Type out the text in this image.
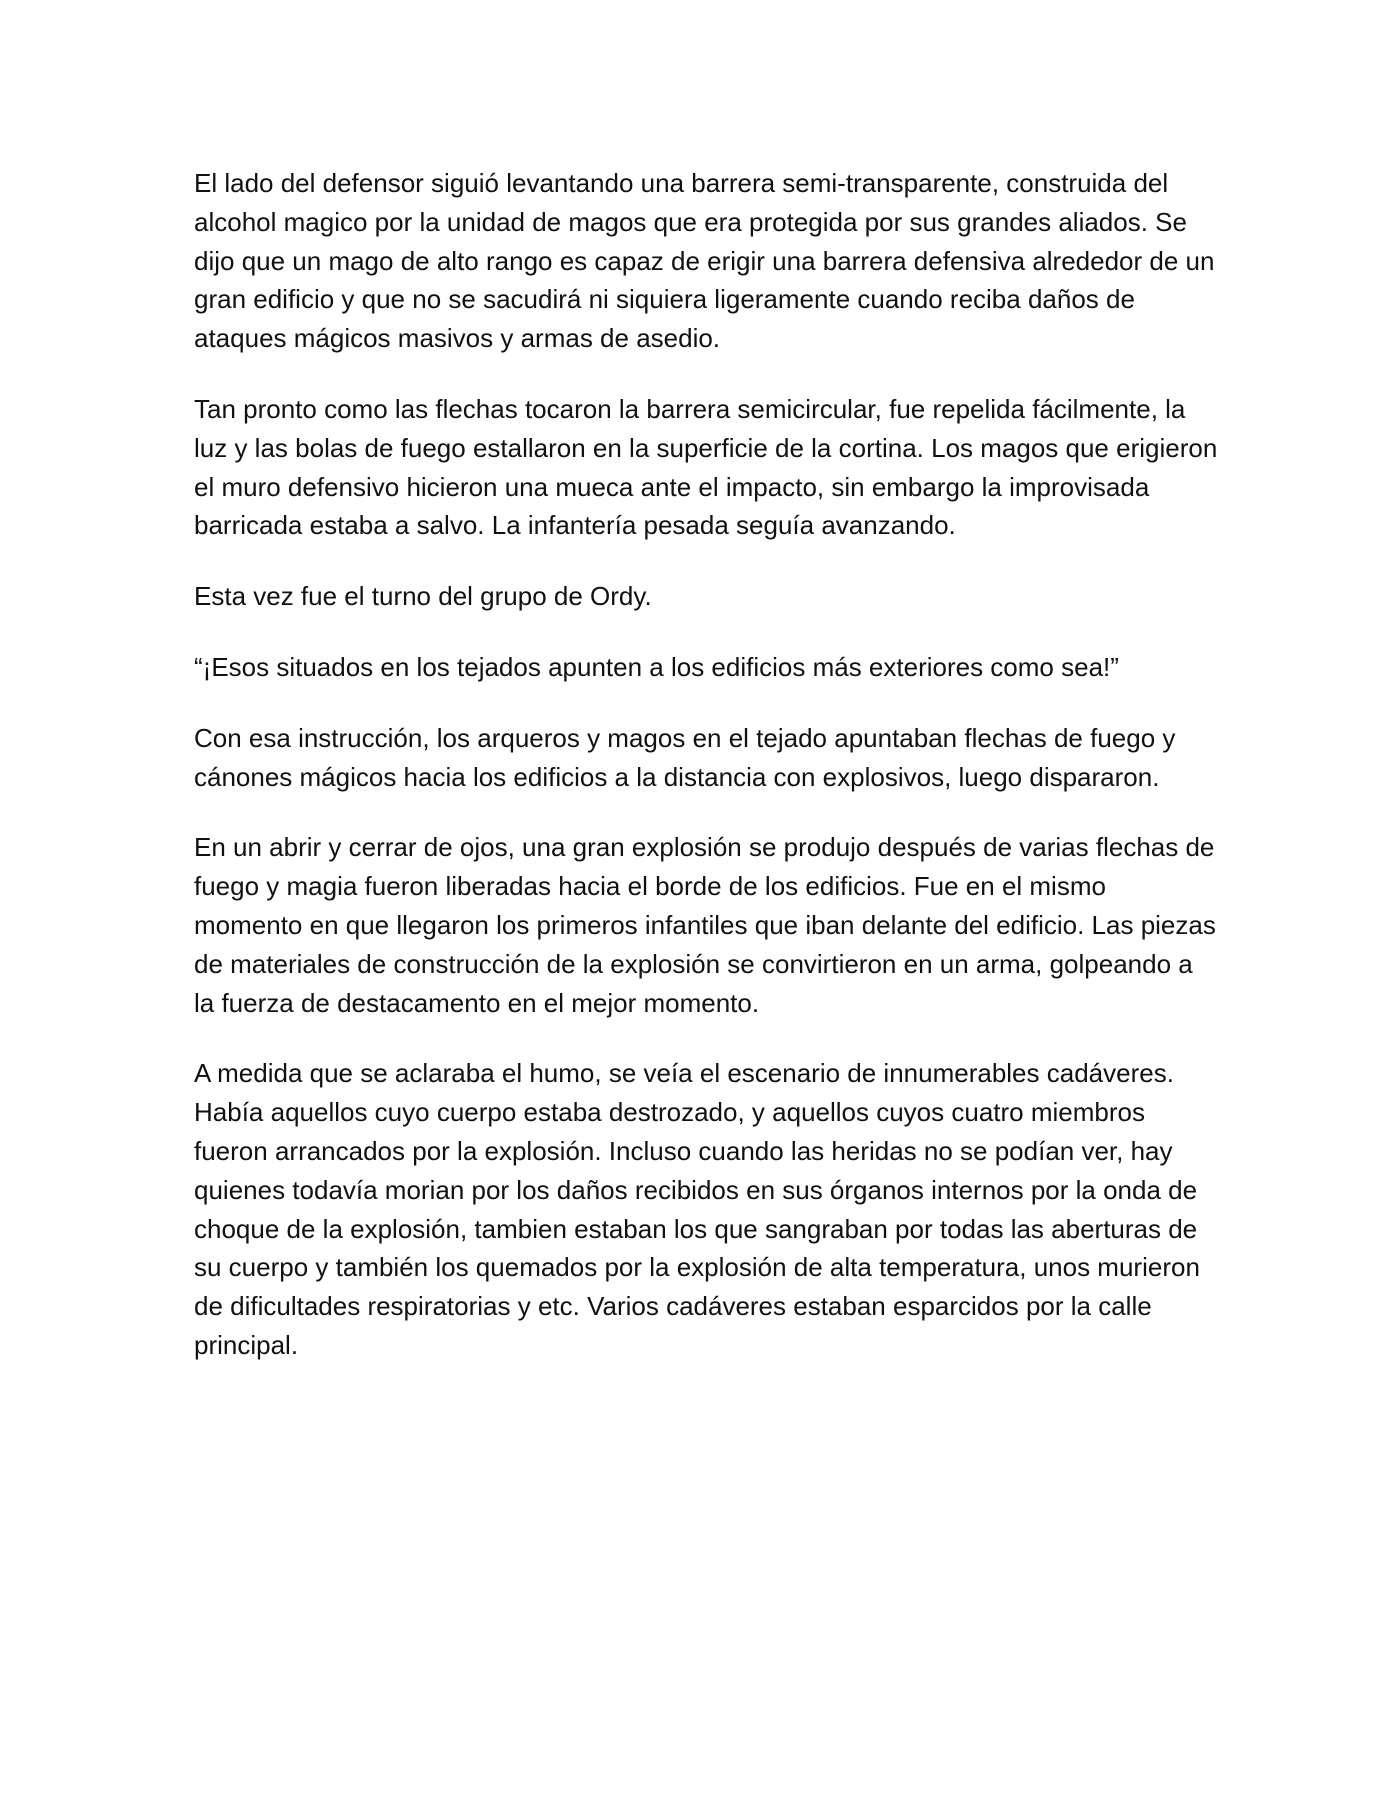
El lado del defensor siguió levantando una barrera semi-transparente, construida del alcohol magico por la unidad de magos que era protegida por sus grandes aliados. Se dijo que un mago de alto rango es capaz de erigir una barrera defensiva alrededor de un gran edificio y que no se sacudirá ni siquiera ligeramente cuando reciba daños de ataques mágicos masivos y armas de asedio.

Tan pronto como las flechas tocaron la barrera semicircular, fue repelida fácilmente, la luz y las bolas de fuego estallaron en la superficie de la cortina. Los magos que erigieron el muro defensivo hicieron una mueca ante el impacto, sin embargo la improvisada barricada estaba a salvo. La infantería pesada seguía avanzando.

Esta vez fue el turno del grupo de Ordy.

“¡Esos situados en los tejados apunten a los edificios más exteriores como sea!”

Con esa instrucción, los arqueros y magos en el tejado apuntaban flechas de fuego y cánones mágicos hacia los edificios a la distancia con explosivos, luego dispararon.

En un abrir y cerrar de ojos, una gran explosión se produjo después de varias flechas de fuego y magia fueron liberadas hacia el borde de los edificios. Fue en el mismo momento en que llegaron los primeros infantiles que iban delante del edificio. Las piezas de materiales de construcción de la explosión se convirtieron en un arma, golpeando a la fuerza de destacamento en el mejor momento.

A medida que se aclaraba el humo, se veía el escenario de innumerables cadáveres. Había aquellos cuyo cuerpo estaba destrozado, y aquellos cuyos cuatro miembros fueron arrancados por la explosión. Incluso cuando las heridas no se podían ver, hay quienes todavía morian por los daños recibidos en sus órganos internos por la onda de choque de la explosión, tambien estaban los que sangraban por todas las aberturas de su cuerpo y también los quemados por la explosión de alta temperatura, unos murieron de dificultades respiratorias y etc. Varios cadáveres estaban esparcidos por la calle principal.
